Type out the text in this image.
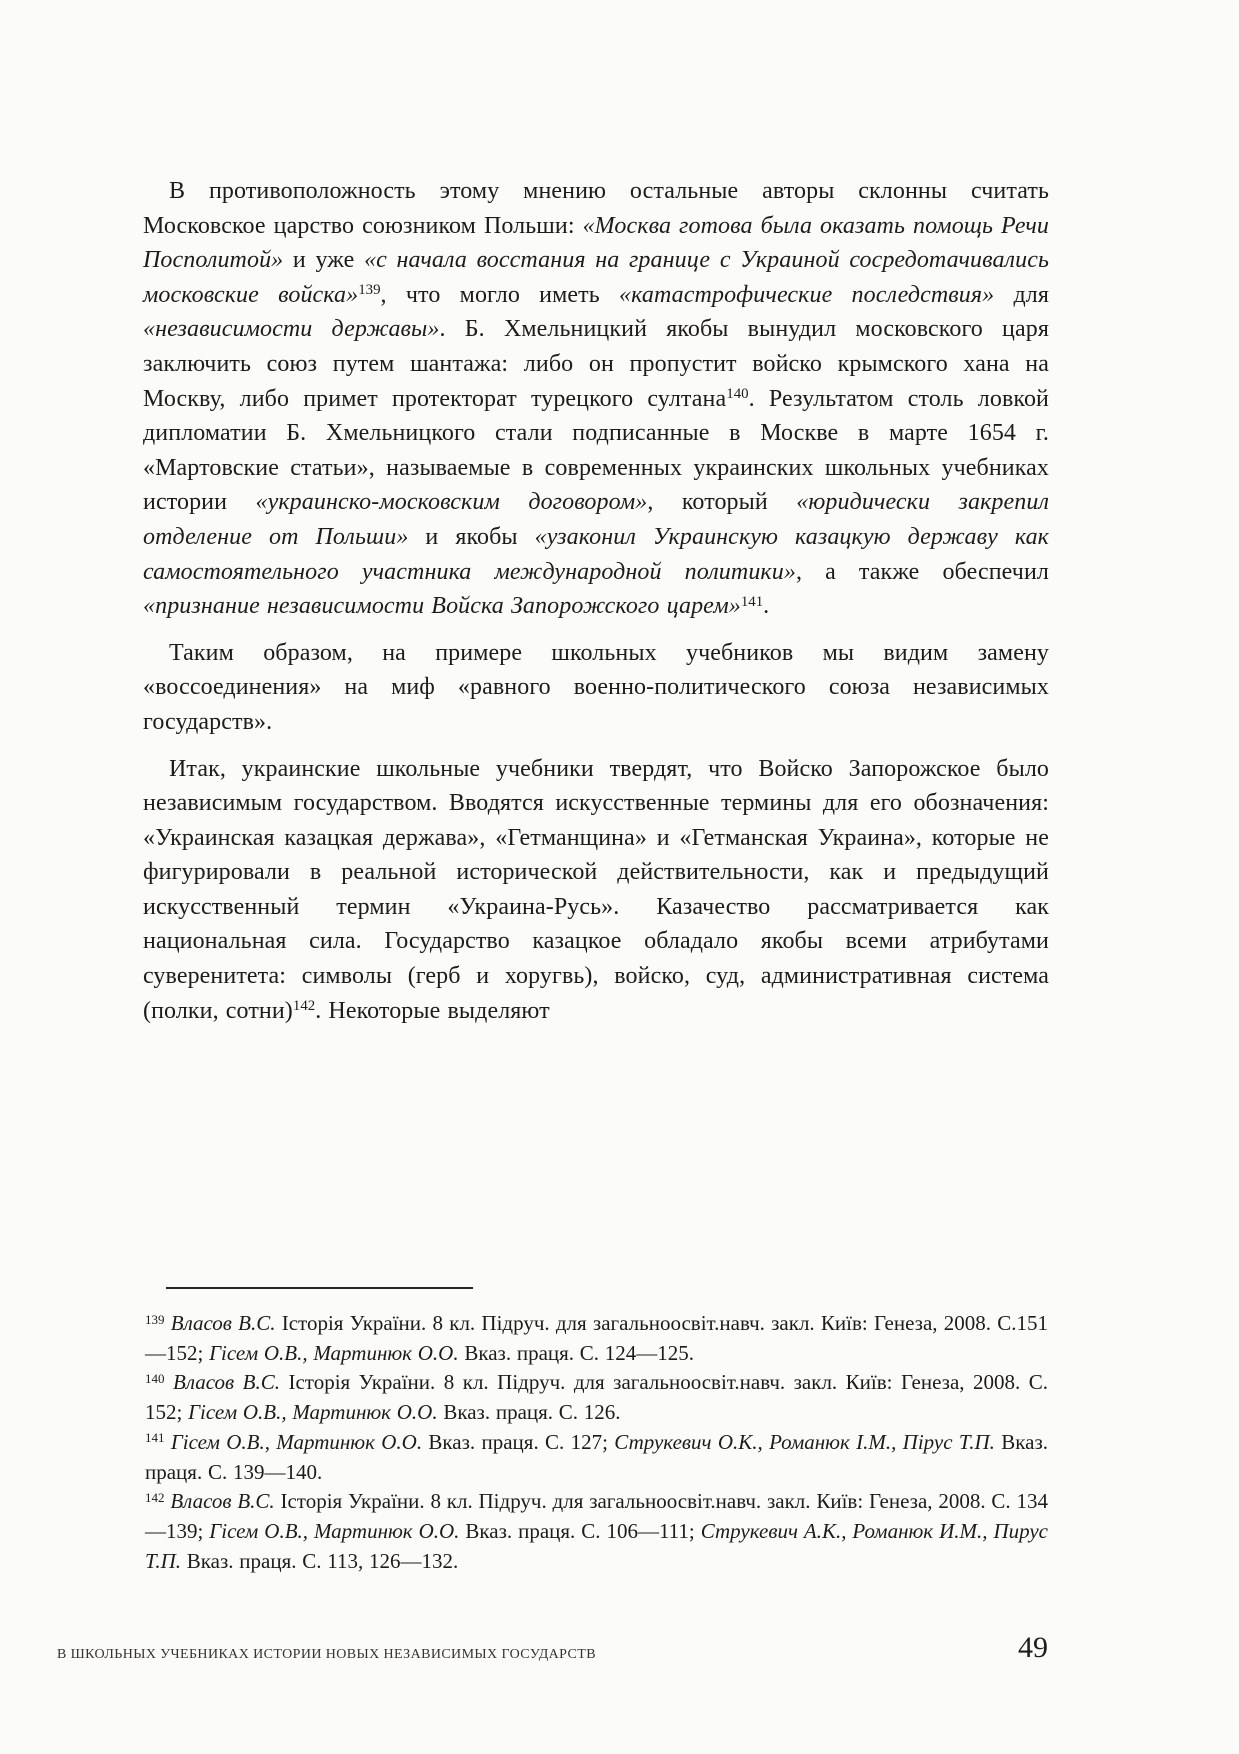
В противоположность этому мнению остальные авторы склонны считать Московское царство союзником Польши: «Москва готова была оказать помощь Речи Посполитой» и уже «с начала восстания на границе с Украиной сосредотачивались московские войска»$^{139}$, что могло иметь «катастрофические последствия» для «независимости державы». Б. Хмельницкий якобы вынудил московского царя заключить союз путем шантажа: либо он пропустит войско крымского хана на Москву, либо примет протекторат турецкого султана$^{140}$. Результатом столь ловкой дипломатии Б. Хмельницкого стали подписанные в Москве в марте 1654 г. «Мартовские статьи», называемые в современных украинских школьных учебниках истории «украинско-московским договором», который «юридически закрепил отделение от Польши» и якобы «узаконил Украинскую казацкую державу как самостоятельного участника международной политики», а также обеспечил «признание независимости Войска Запорожского царем»$^{141}$.

Таким образом, на примере школьных учебников мы видим замену «воссоединения» на миф «равного военно-политического союза независимых государств».

Итак, украинские школьные учебники твердят, что Войско Запорожское было независимым государством. Вводятся искусственные термины для его обозначения: «Украинская казацкая держава», «Гетманщина» и «Гетманская Украина», которые не фигурировали в реальной исторической действительности, как и предыдущий искусственный термин «Украина-Русь». Казачество рассматривается как национальная сила. Государство казацкое обладало якобы всеми атрибутами суверенитета: символы (герб и хоругвь), войско, суд, административная система (полки, сотни)$^{142}$. Некоторые выделяют

$^{139}$ Власов В.С. Історія України. 8 кл. Підруч. для загальноосвіт.навч. закл. Київ: Генеза, 2008. С.151—152; Гісем О.В., Мартинюк О.О. Вказ. праця. С. 124—125.

$^{140}$ Власов В.С. Історія України. 8 кл. Підруч. для загальноосвіт.навч. закл. Київ: Генеза, 2008. С. 152; Гісем О.В., Мартинюк О.О. Вказ. праця. С. 126.

$^{141}$ Гісем О.В., Мартинюк О.О. Вказ. праця. С. 127; Струкевич О.К., Романюк І.М., Пірус Т.П. Вказ. праця. С. 139—140.

$^{142}$ Власов В.С. Історія України. 8 кл. Підруч. для загальноосвіт.навч. закл. Київ: Генеза, 2008. С. 134—139; Гісем О.В., Мартинюк О.О. Вказ. праця. С. 106—111; Струкевич А.К., Романюк И.М., Пирус Т.П. Вказ. праця. С. 113, 126—132.

В ШКОЛЬНЫХ УЧЕБНИКАХ ИСТОРИИ НОВЫХ НЕЗАВИСИМЫХ ГОСУДАРСТВ	49
